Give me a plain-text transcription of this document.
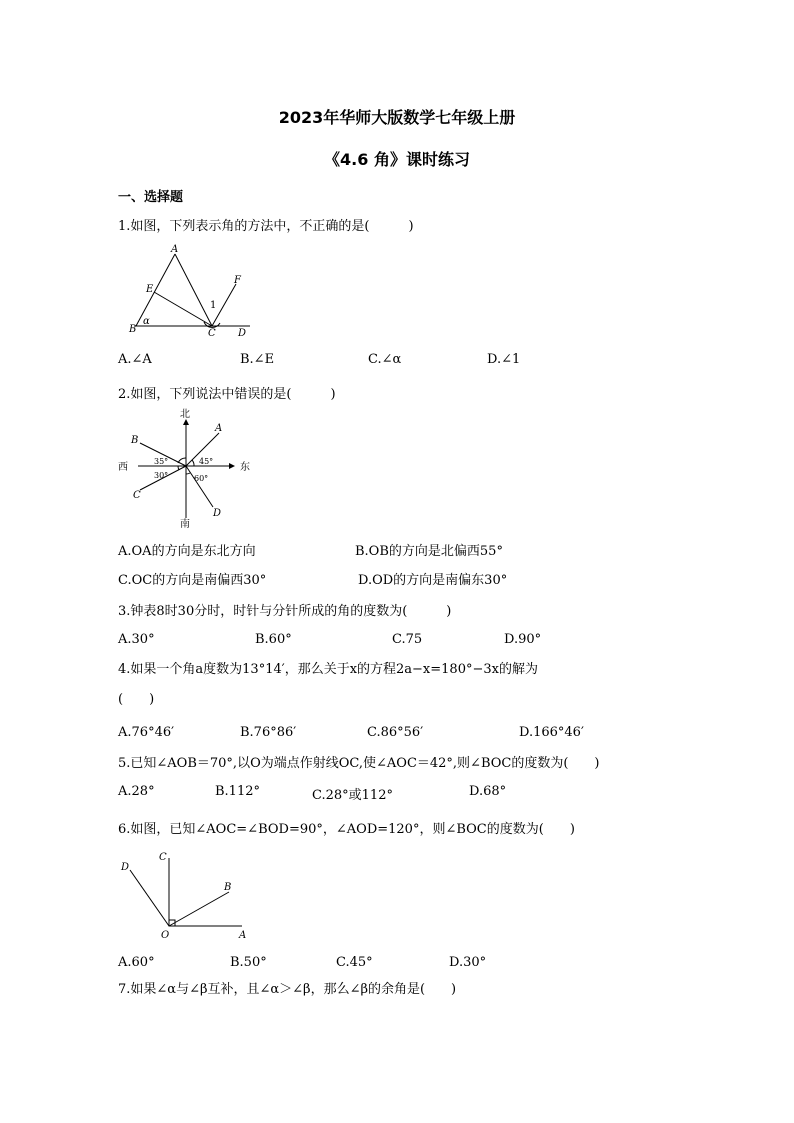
2023年华师大版数学七年级上册
《4.6 角》课时练习
一、选择题
1.如图，下列表示角的方法中，不正确的是(　　　)
A
E
F
1
α
B	C D
A.∠A	B.∠E	C.∠α	D.∠1
2.如图，下列说法中错误的是(　　　)
北
南
西	东
A
B
C
D
35°	45°
30°	60°
A.OA的方向是东北方向	B.OB的方向是北偏西55°
C.OC的方向是南偏西30°	D.OD的方向是南偏东30°
3.钟表8时30分时，时针与分针所成的角的度数为(　　　)
A.30°	B.60°	C.75	D.90°
4.如果一个角a度数为13°14′，那么关于x的方程2a−x=180°−3x的解为
(　　)
A.76°46′	B.76°86′	C.86°56′	D.166°46′
5.已知∠AOB＝70°,以O为端点作射线OC,使∠AOC＝42°,则∠BOC的度数为(　　)
A.28°	B.112°	C.28°或112°	D.68°
6.如图，已知∠AOC=∠BOD=90°，∠AOD=120°，则∠BOC的度数为(　　)
D
C
B
O	A
A.60°	B.50°	C.45°	D.30°
7.如果∠α与∠β互补，且∠α＞∠β，那么∠β的余角是(　　)
